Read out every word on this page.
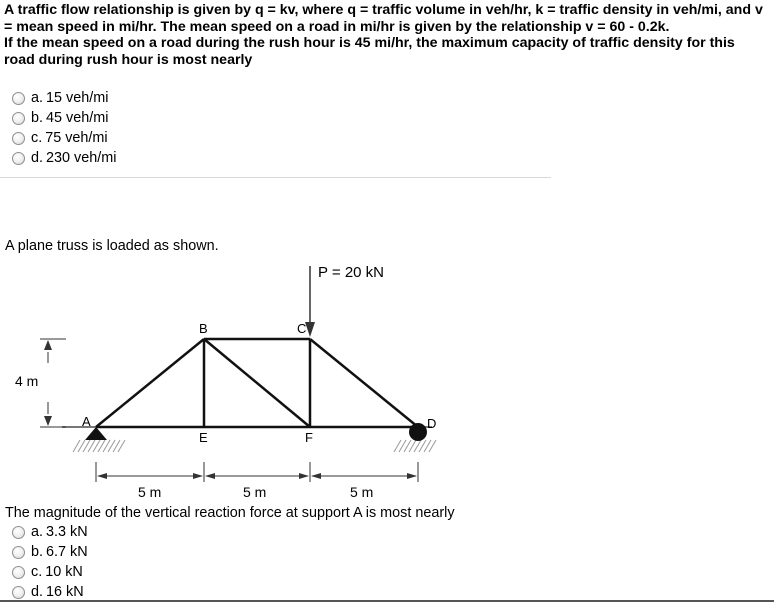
A traffic flow relationship is given by q = kv, where q = traffic volume in veh/hr, k = traffic density in veh/mi, and v = mean speed in mi/hr. The mean speed on a road in mi/hr is given by the relationship v = 60 - 0.2k.

If the mean speed on a road during the rush hour is 45 mi/hr, the maximum capacity of traffic density for this road during rush hour is most nearly

a. 15 veh/mi
b. 45 veh/mi
c. 75 veh/mi
d. 230 veh/mi
A plane truss is loaded as shown.
P = 20 kN
4 m
A
B	C
D
E	F
5 m	5 m	5 m
The magnitude of the vertical reaction force at support A is most nearly
a. 3.3 kN
b. 6.7 kN
c. 10 kN
d. 16 kN
